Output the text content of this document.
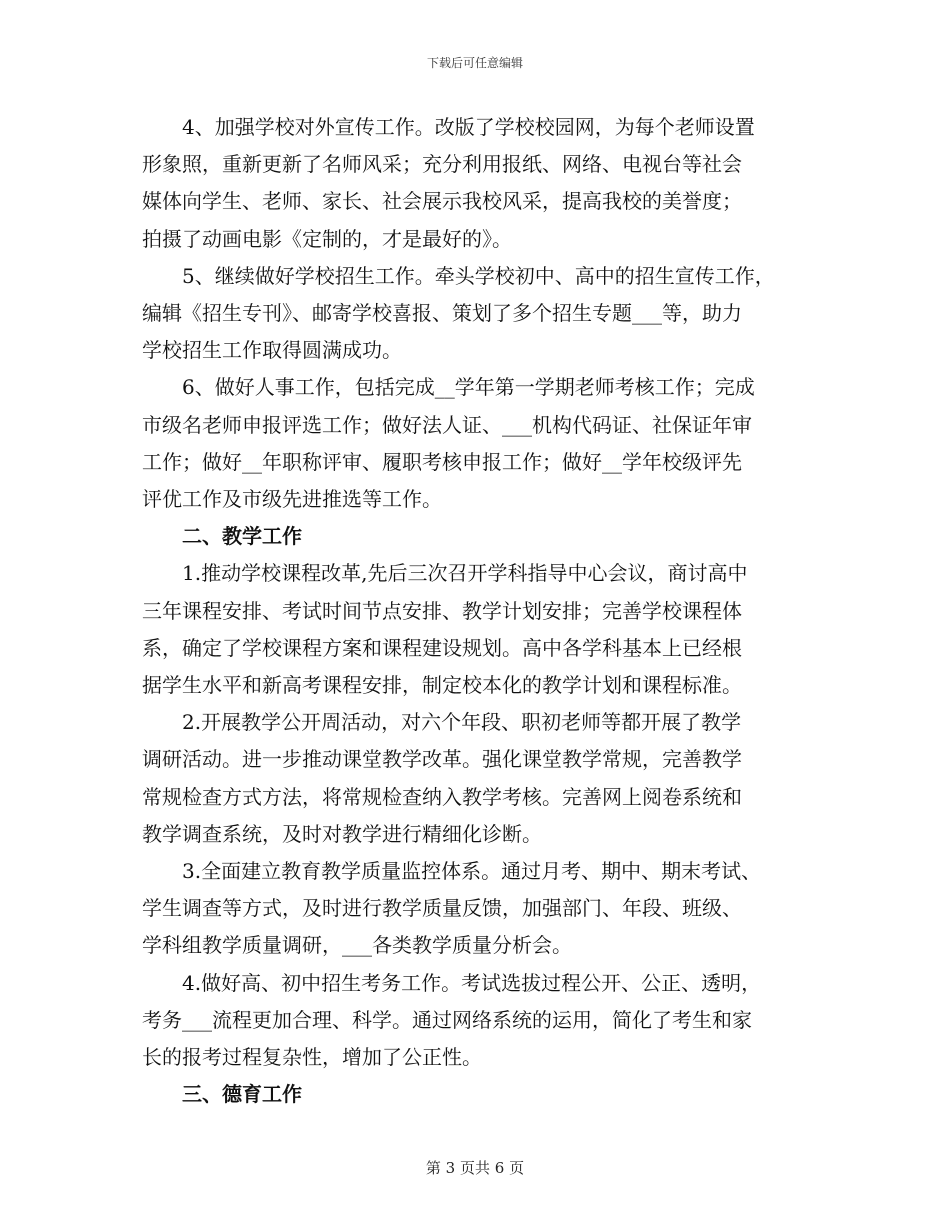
下载后可任意编辑

4、加强学校对外宣传工作。改版了学校校园网，为每个老师设置
形象照，重新更新了名师风采；充分利用报纸、网络、电视台等社会
媒体向学生、老师、家长、社会展示我校风采，提高我校的美誉度；
拍摄了动画电影《定制的，才是最好的》。

5、继续做好学校招生工作。牵头学校初中、高中的招生宣传工作，
编辑《招生专刊》、邮寄学校喜报、策划了多个招生专题___等，助力
学校招生工作取得圆满成功。

6、做好人事工作，包括完成__学年第一学期老师考核工作；完成
市级名老师申报评选工作；做好法人证、___机构代码证、社保证年审
工作；做好__年职称评审、履职考核申报工作；做好__学年校级评先
评优工作及市级先进推选等工作。

二、教学工作

1.推动学校课程改革,先后三次召开学科指导中心会议，商讨高中
三年课程安排、考试时间节点安排、教学计划安排；完善学校课程体
系，确定了学校课程方案和课程建设规划。高中各学科基本上已经根
据学生水平和新高考课程安排，制定校本化的教学计划和课程标准。

2.开展教学公开周活动，对六个年段、职初老师等都开展了教学
调研活动。进一步推动课堂教学改革。强化课堂教学常规，完善教学
常规检查方式方法，将常规检查纳入教学考核。完善网上阅卷系统和
教学调查系统，及时对教学进行精细化诊断。

3.全面建立教育教学质量监控体系。通过月考、期中、期末考试、
学生调查等方式，及时进行教学质量反馈，加强部门、年段、班级、
学科组教学质量调研，___各类教学质量分析会。

4.做好高、初中招生考务工作。考试选拔过程公开、公正、透明，
考务___流程更加合理、科学。通过网络系统的运用，简化了考生和家
长的报考过程复杂性，增加了公正性。

三、德育工作

第 3 页共 6 页
